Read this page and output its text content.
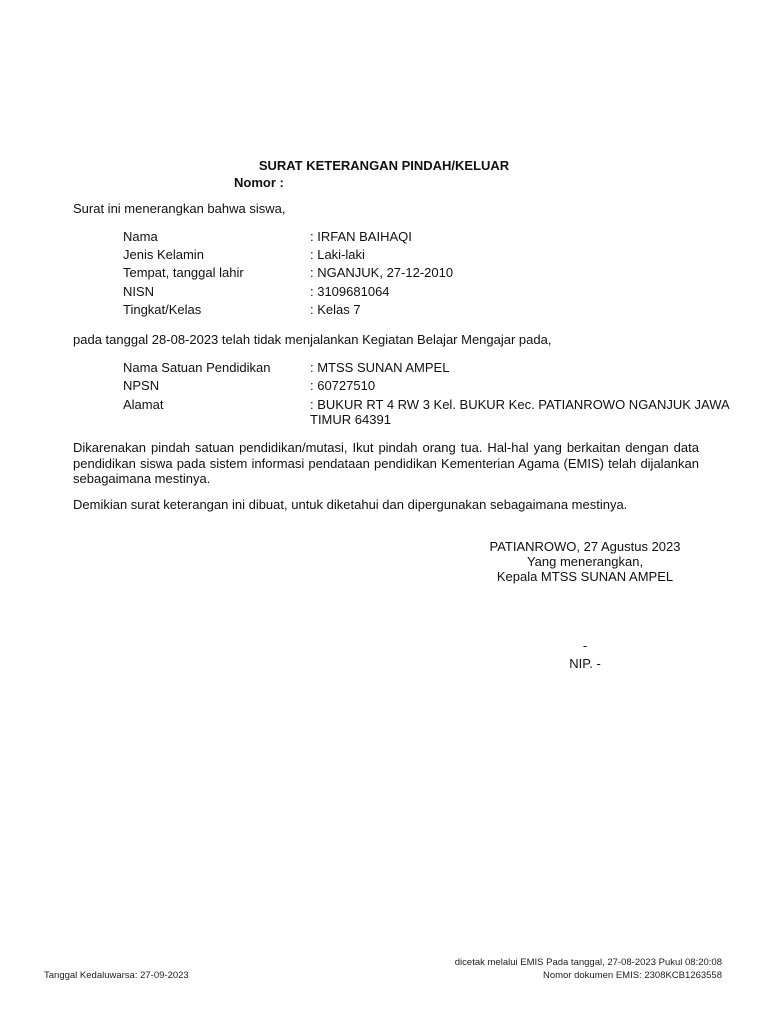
SURAT KETERANGAN PINDAH/KELUAR
Nomor :
Surat ini menerangkan bahwa siswa,
Nama	: IRFAN BAIHAQI
Jenis Kelamin	: Laki-laki
Tempat, tanggal lahir	: NGANJUK, 27-12-2010
NISN	: 3109681064
Tingkat/Kelas	: Kelas 7
pada tanggal 28-08-2023 telah tidak menjalankan Kegiatan Belajar Mengajar pada,
Nama Satuan Pendidikan	: MTSS SUNAN AMPEL
NPSN	: 60727510
Alamat	: BUKUR RT 4 RW 3 Kel. BUKUR Kec. PATIANROWO NGANJUK JAWA TIMUR 64391
Dikarenakan pindah satuan pendidikan/mutasi, Ikut pindah orang tua. Hal-hal yang berkaitan dengan data pendidikan siswa pada sistem informasi pendataan pendidikan Kementerian Agama (EMIS) telah dijalankan sebagaimana mestinya.
Demikian surat keterangan ini dibuat, untuk diketahui dan dipergunakan sebagaimana mestinya.
PATIANROWO, 27 Agustus 2023
Yang menerangkan,
Kepala MTSS SUNAN AMPEL
-
NIP. -
dicetak melalui EMIS Pada tanggal, 27-08-2023 Pukul 08:20:08
Nomor dokumen EMIS: 2308KCB1263558
Tanggal Kedaluwarsa: 27-09-2023
